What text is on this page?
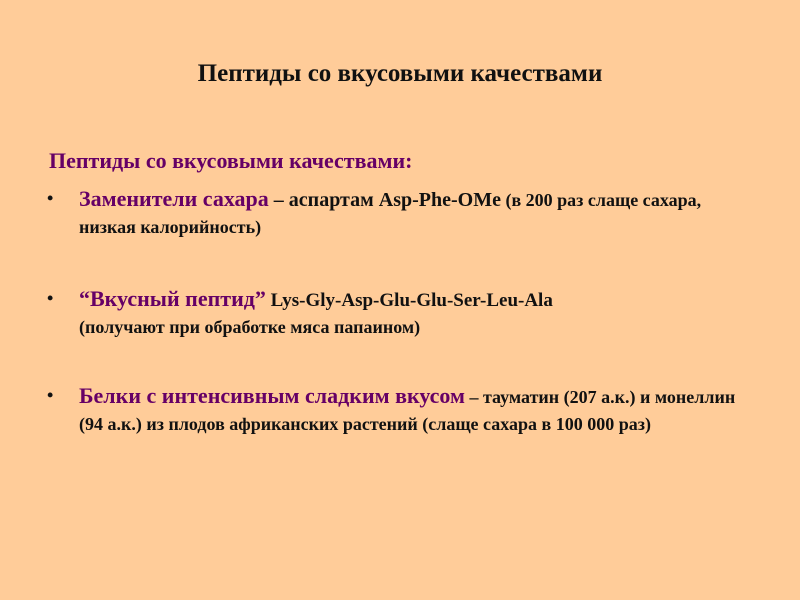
Пептиды со вкусовыми качествами
Пептиды со вкусовыми качествами:
• Заменители сахара – аспартам Asp-Phe-OMe (в 200 раз слаще сахара, низкая калорийность)
• “Вкусный пептид” Lys-Gly-Asp-Glu-Glu-Ser-Leu-Ala
(получают при обработке мяса папаином)
• Белки с интенсивным сладким вкусом – тауматин (207 а.к.) и монеллин (94 а.к.) из плодов африканских растений (слаще сахара в 100 000 раз)
